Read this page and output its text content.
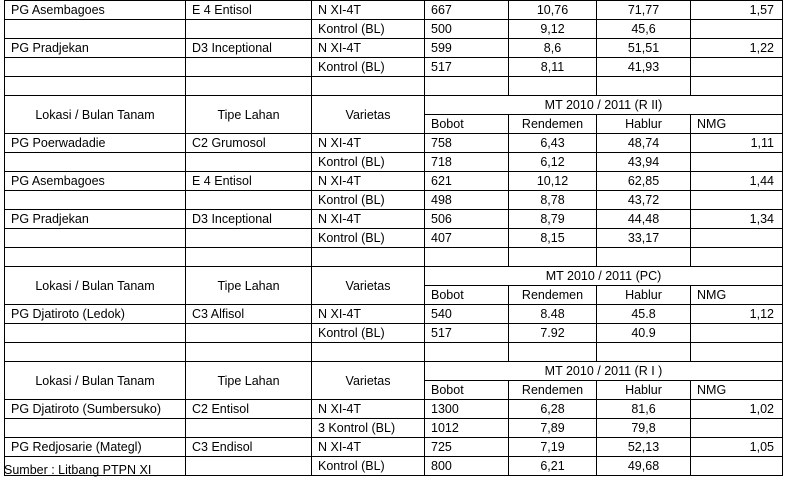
PG Asembagoes	E 4 Entisol	N XI-4T	667	10,76	71,77	1,57
		Kontrol (BL)	500	9,12	45,6	
PG Pradjekan	D3 Inceptional	N XI-4T	599	8,6	51,51	1,22
		Kontrol (BL)	517	8,11	41,93	

Lokasi / Bulan Tanam	Tipe Lahan	Varietas	MT 2010 / 2011 (R II)			
			Bobot	Rendemen	Hablur	NMG
PG Poerwadadie	C2 Grumosol	N XI-4T	758	6,43	48,74	1,11
		Kontrol (BL)	718	6,12	43,94	
PG Asembagoes	E 4 Entisol	N XI-4T	621	10,12	62,85	1,44
		Kontrol (BL)	498	8,78	43,72	
PG Pradjekan	D3 Inceptional	N XI-4T	506	8,79	44,48	1,34
		Kontrol (BL)	407	8,15	33,17	

Lokasi / Bulan Tanam	Tipe Lahan	Varietas	MT 2010 / 2011 (PC)			
			Bobot	Rendemen	Hablur	NMG
PG Djatiroto (Ledok)	C3 Alfisol	N XI-4T	540	8.48	45.8	1,12
		Kontrol (BL)	517	7.92	40.9	

Lokasi / Bulan Tanam	Tipe Lahan	Varietas	MT 2010 / 2011 (R I )			
			Bobot	Rendemen	Hablur	NMG
PG Djatiroto (Sumbersuko)	C2 Entisol	N XI-4T	1300	6,28	81,6	1,02
		3 Kontrol (BL)	1012	7,89	79,8	
PG Redjosarie (Mategl)	C3 Endisol	N XI-4T	725	7,19	52,13	1,05
		Kontrol (BL)	800	6,21	49,68	
Sumber : Litbang PTPN XI
